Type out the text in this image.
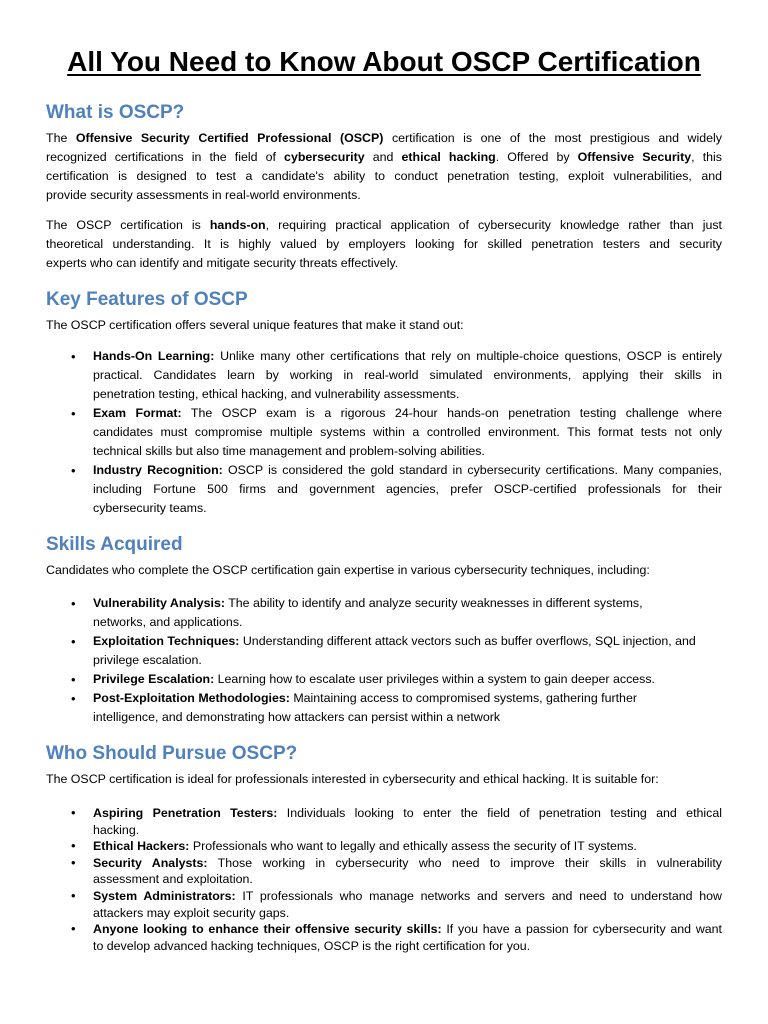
All You Need to Know About OSCP Certification
What is OSCP?

The Offensive Security Certified Professional (OSCP) certification is one of the most prestigious and widely
recognized certifications in the field of cybersecurity and ethical hacking. Offered by Offensive Security, this
certification is designed to test a candidate's ability to conduct penetration testing, exploit vulnerabilities, and
provide security assessments in real-world environments.

The OSCP certification is hands-on, requiring practical application of cybersecurity knowledge rather than just
theoretical understanding. It is highly valued by employers looking for skilled penetration testers and security
experts who can identify and mitigate security threats effectively.

Key Features of OSCP

The OSCP certification offers several unique features that make it stand out:

• Hands-On Learning: Unlike many other certifications that rely on multiple-choice questions, OSCP is entirely
practical. Candidates learn by working in real-world simulated environments, applying their skills in
penetration testing, ethical hacking, and vulnerability assessments.
• Exam Format: The OSCP exam is a rigorous 24-hour hands-on penetration testing challenge where
candidates must compromise multiple systems within a controlled environment. This format tests not only
technical skills but also time management and problem-solving abilities.
• Industry Recognition: OSCP is considered the gold standard in cybersecurity certifications. Many companies,
including Fortune 500 firms and government agencies, prefer OSCP-certified professionals for their
cybersecurity teams.
Skills Acquired

Candidates who complete the OSCP certification gain expertise in various cybersecurity techniques, including:

• Vulnerability Analysis: The ability to identify and analyze security weaknesses in different systems,
networks, and applications.
• Exploitation Techniques: Understanding different attack vectors such as buffer overflows, SQL injection, and
privilege escalation.
• Privilege Escalation: Learning how to escalate user privileges within a system to gain deeper access.
• Post-Exploitation Methodologies: Maintaining access to compromised systems, gathering further
intelligence, and demonstrating how attackers can persist within a network
Who Should Pursue OSCP?

The OSCP certification is ideal for professionals interested in cybersecurity and ethical hacking. It is suitable for:

• Aspiring Penetration Testers: Individuals looking to enter the field of penetration testing and ethical
hacking.
• Ethical Hackers: Professionals who want to legally and ethically assess the security of IT systems.
• Security Analysts: Those working in cybersecurity who need to improve their skills in vulnerability
assessment and exploitation.
• System Administrators: IT professionals who manage networks and servers and need to understand how
attackers may exploit security gaps.
• Anyone looking to enhance their offensive security skills: If you have a passion for cybersecurity and want
to develop advanced hacking techniques, OSCP is the right certification for you.
